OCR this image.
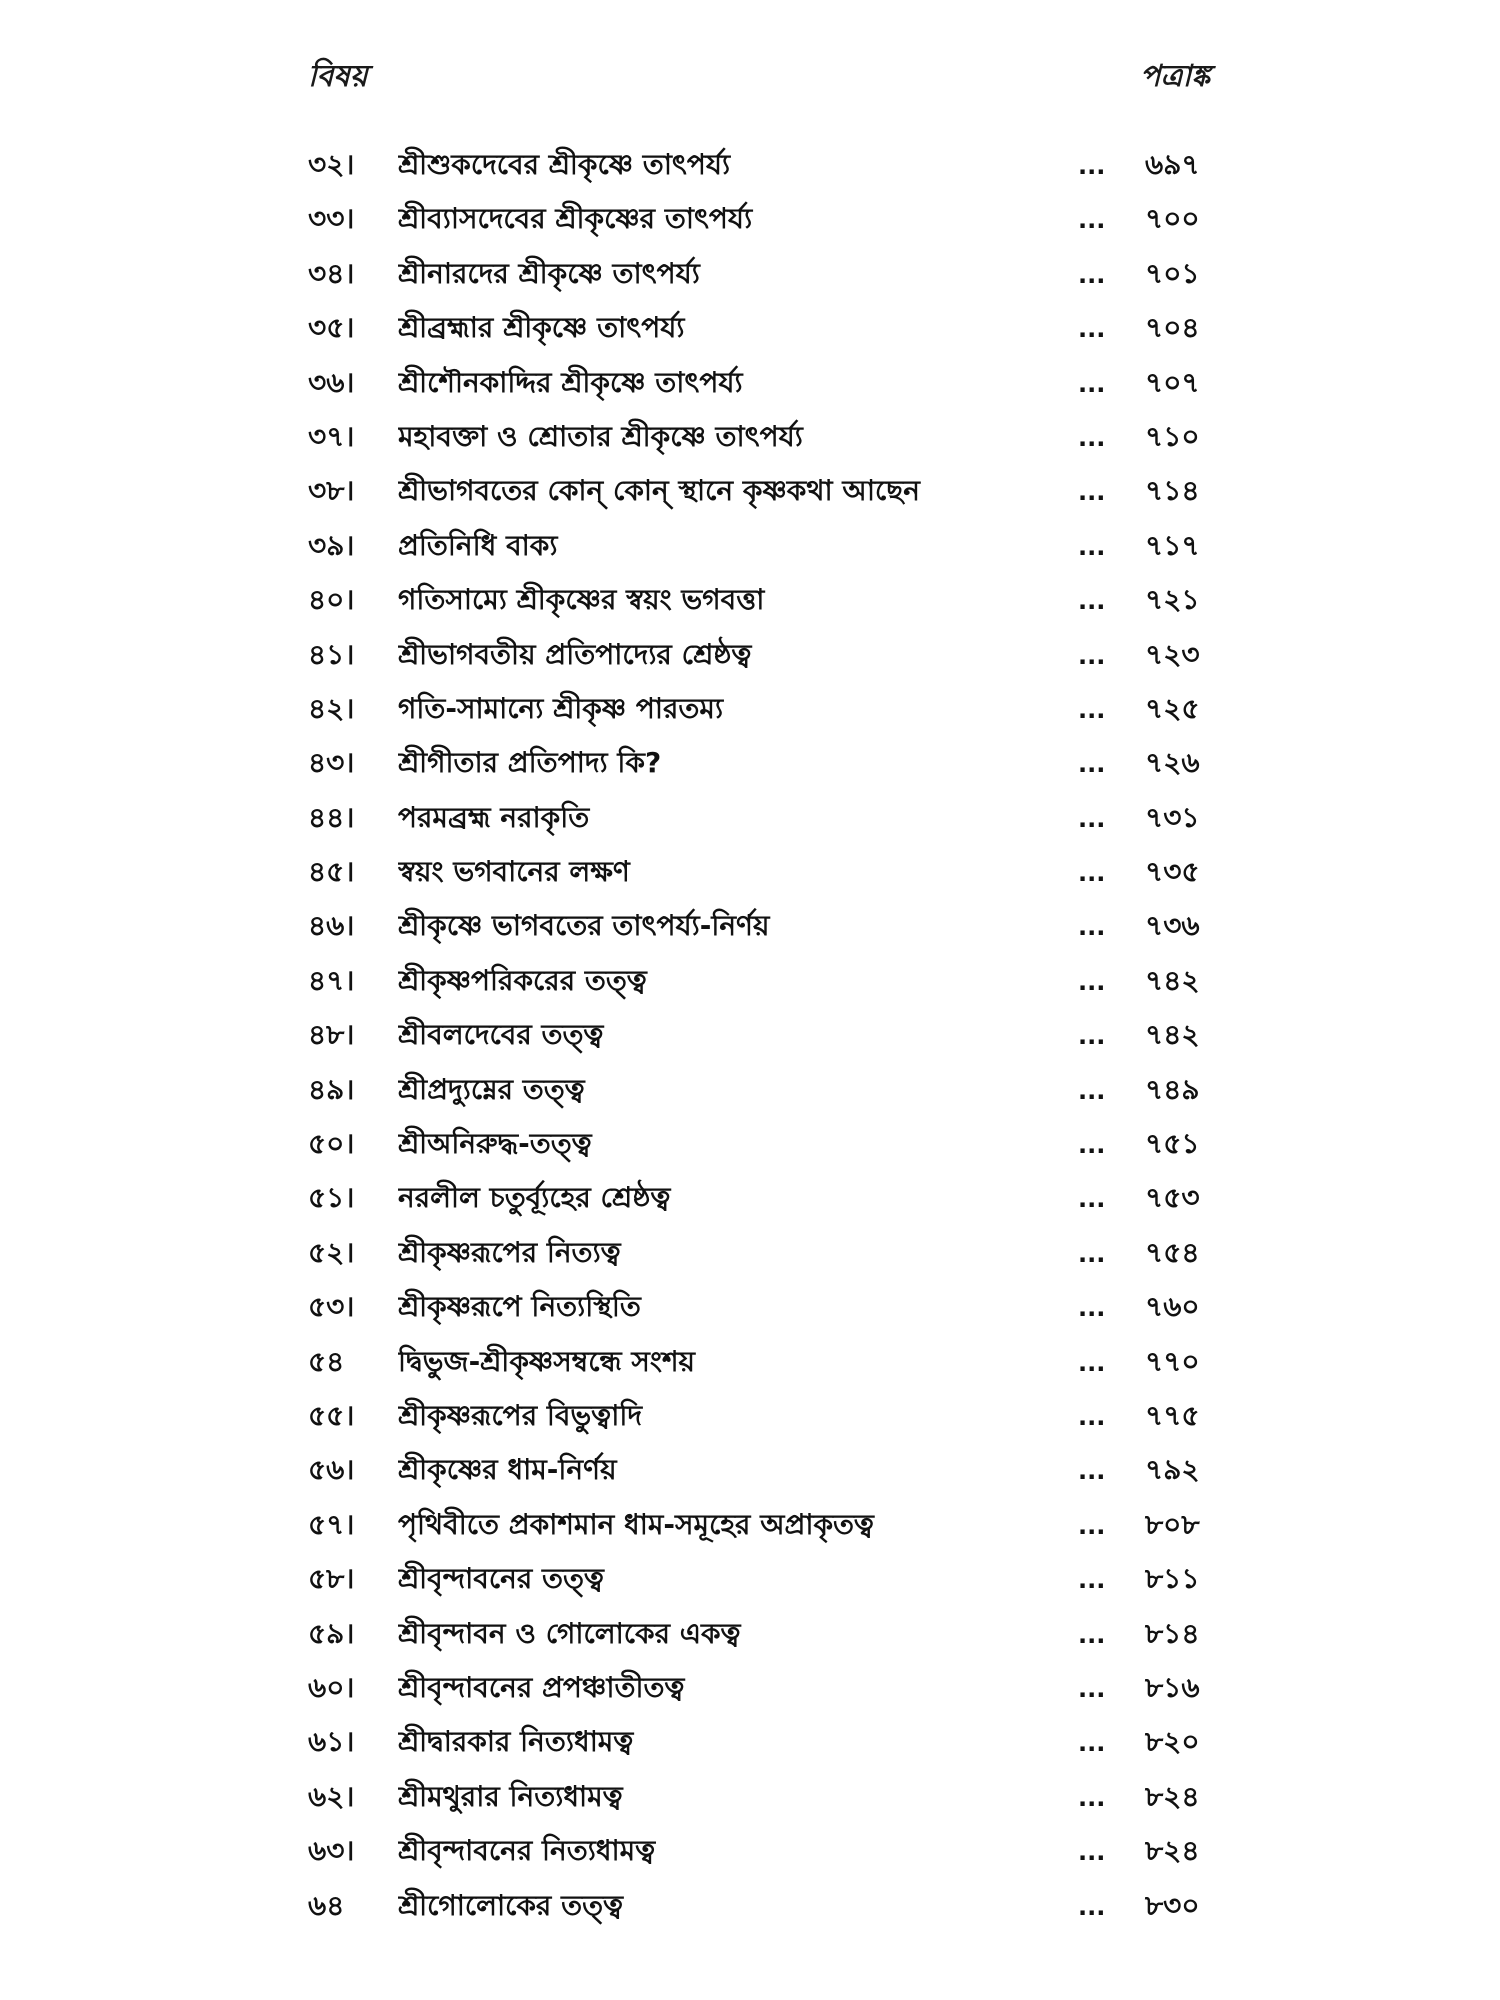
বিষয়	পত্রাঙ্ক
৩২।	শ্রীশুকদেবের শ্রীকৃষ্ণে তাৎপর্য্য	...	৬৯৭
৩৩।	শ্রীব্যাসদেবের শ্রীকৃষ্ণের তাৎপর্য্য	...	৭০০
৩৪।	শ্রীনারদের শ্রীকৃষ্ণে তাৎপর্য্য	...	৭০১
৩৫।	শ্রীব্রহ্মার শ্রীকৃষ্ণে তাৎপর্য্য	...	৭০৪
৩৬।	শ্রীশৌনকাদ্দির শ্রীকৃষ্ণে তাৎপর্য্য	...	৭০৭
৩৭।	মহাবক্তা ও শ্রোতার শ্রীকৃষ্ণে তাৎপর্য্য	...	৭১০
৩৮।	শ্রীভাগবতের কোন্ কোন্ স্থানে কৃষ্ণকথা আছেন	...	৭১৪
৩৯।	প্রতিনিধি বাক্য	...	৭১৭
৪০।	গতিসাম্যে শ্রীকৃষ্ণের স্বয়ং ভগবত্তা	...	৭২১
৪১।	শ্রীভাগবতীয় প্রতিপাদ্যের শ্রেষ্ঠত্ব	...	৭২৩
৪২।	গতি-সামান্যে শ্রীকৃষ্ণ পারতম্য	...	৭২৫
৪৩।	শ্রীগীতার প্রতিপাদ্য কি?	...	৭২৬
৪৪।	পরমব্রহ্ম নরাকৃতি	...	৭৩১
৪৫।	স্বয়ং ভগবানের লক্ষণ	...	৭৩৫
৪৬।	শ্রীকৃষ্ণে ভাগবতের তাৎপর্য্য-নির্ণয়	...	৭৩৬
৪৭।	শ্রীকৃষ্ণপরিকরের তত্ত্ব	...	৭৪২
৪৮।	শ্রীবলদেবের তত্ত্ব	...	৭৪২
৪৯।	শ্রীপ্রদ্যুম্নের তত্ত্ব	...	৭৪৯
৫০।	শ্রীঅনিরুদ্ধ-তত্ত্ব	...	৭৫১
৫১।	নরলীল চতুর্ব্যূহের শ্রেষ্ঠত্ব	...	৭৫৩
৫২।	শ্রীকৃষ্ণরূপের নিত্যত্ব	...	৭৫৪
৫৩।	শ্রীকৃষ্ণরূপে নিত্যস্থিতি	...	৭৬০
৫৪	দ্বিভুজ-শ্রীকৃষ্ণসম্বন্ধে সংশয়	...	৭৭০
৫৫।	শ্রীকৃষ্ণরূপের বিভুত্বাদি	...	৭৭৫
৫৬।	শ্রীকৃষ্ণের ধাম-নির্ণয়	...	৭৯২
৫৭।	পৃথিবীতে প্রকাশমান ধাম-সমূহের অপ্রাকৃতত্ব	...	৮০৮
৫৮।	শ্রীবৃন্দাবনের তত্ত্ব	...	৮১১
৫৯।	শ্রীবৃন্দাবন ও গোলোকের একত্ব	...	৮১৪
৬০।	শ্রীবৃন্দাবনের প্রপঞ্চাতীতত্ব	...	৮১৬
৬১।	শ্রীদ্বারকার নিত্যধামত্ব	...	৮২০
৬২।	শ্রীমথুরার নিত্যধামত্ব	...	৮২৪
৬৩।	শ্রীবৃন্দাবনের নিত্যধামত্ব	...	৮২৪
৬৪	শ্রীগোলোকের তত্ত্ব	...	৮৩০
